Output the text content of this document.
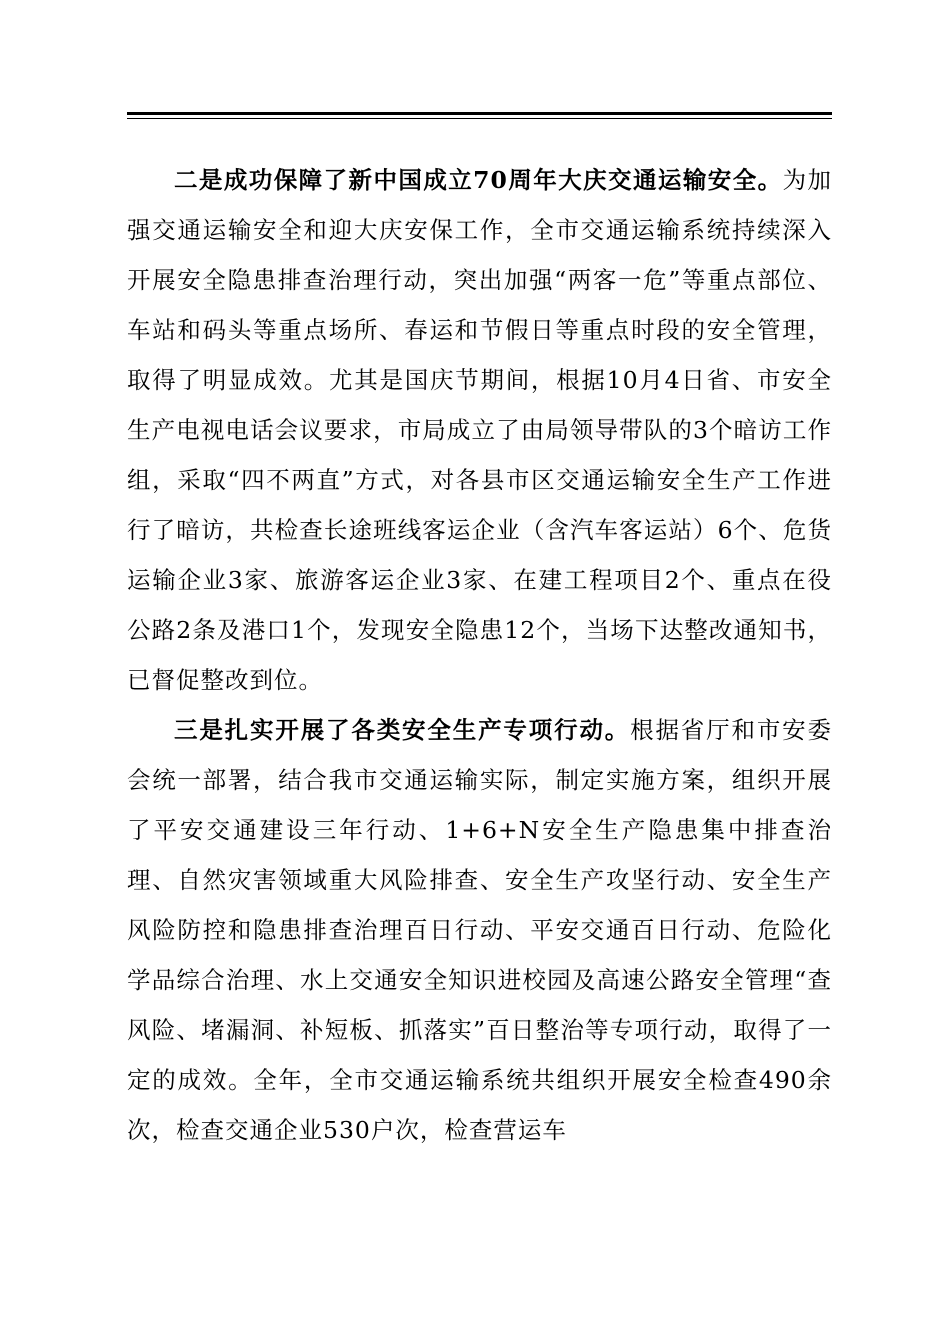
二是成功保障了新中国成立70周年大庆交通运输安全。为加强交通运输安全和迎大庆安保工作，全市交通运输系统持续深入开展安全隐患排查治理行动，突出加强“两客一危”等重点部位、车站和码头等重点场所、春运和节假日等重点时段的安全管理，取得了明显成效。尤其是国庆节期间，根据10月4日省、市安全生产电视电话会议要求，市局成立了由局领导带队的3个暗访工作组，采取“四不两直”方式，对各县市区交通运输安全生产工作进行了暗访，共检查长途班线客运企业（含汽车客运站）6个、危货运输企业3家、旅游客运企业3家、在建工程项目2个、重点在役公路2条及港口1个，发现安全隐患12个，当场下达整改通知书，已督促整改到位。

三是扎实开展了各类安全生产专项行动。根据省厅和市安委会统一部署，结合我市交通运输实际，制定实施方案，组织开展了平安交通建设三年行动、1+6+N安全生产隐患集中排查治理、自然灾害领域重大风险排查、安全生产攻坚行动、安全生产风险防控和隐患排查治理百日行动、平安交通百日行动、危险化学品综合治理、水上交通安全知识进校园及高速公路安全管理“查风险、堵漏洞、补短板、抓落实”百日整治等专项行动，取得了一定的成效。全年，全市交通运输系统共组织开展安全检查490余次，检查交通企业530户次，检查营运车
